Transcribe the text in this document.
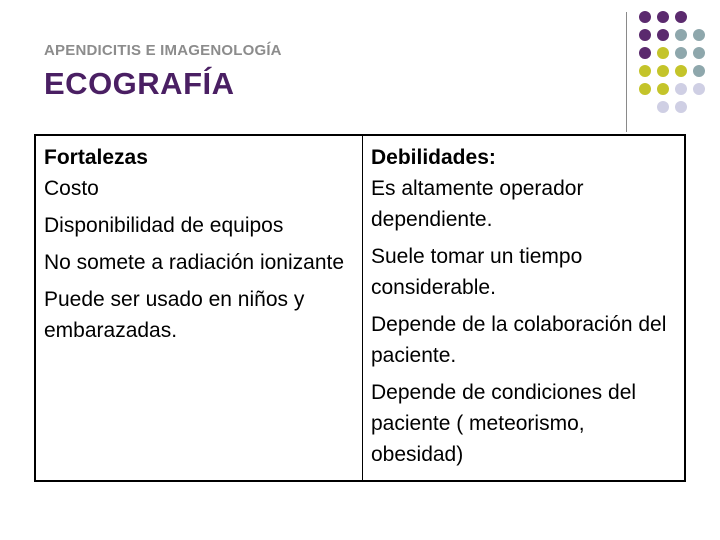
APENDICITIS E IMAGENOLOGÍA
ECOGRAFÍA
Fortalezas
Costo
Disponibilidad de equipos
No somete a radiación ionizante
Puede ser usado en niños y embarazadas.

Debilidades:
Es altamente operador dependiente.
Suele tomar un tiempo considerable.
Depende de la colaboración del paciente.
Depende de condiciones del paciente ( meteorismo, obesidad)
